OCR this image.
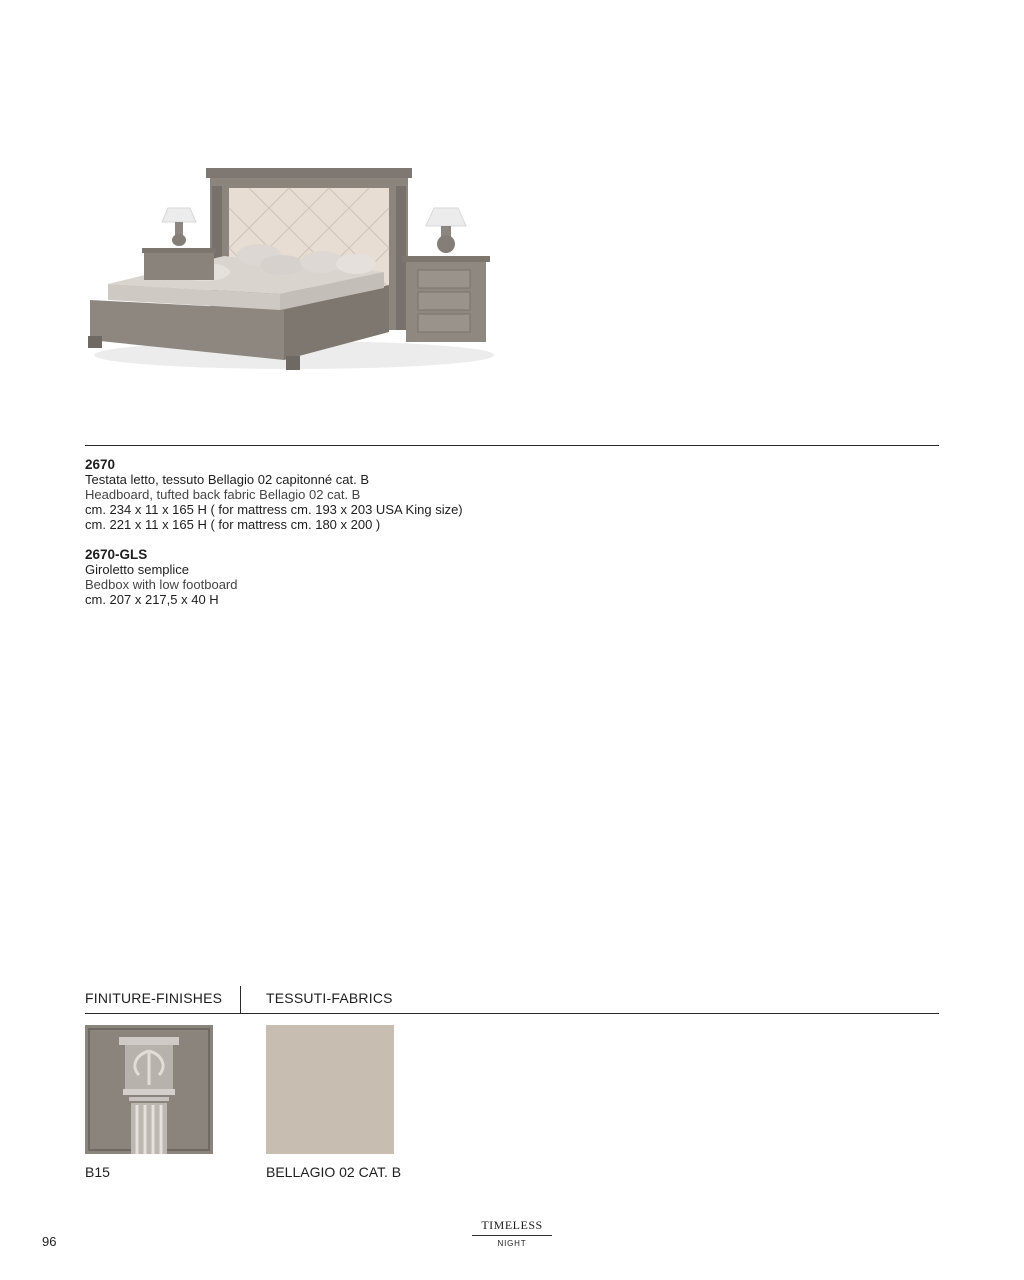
2670
Testata letto, tessuto Bellagio 02 capitonné cat. B
Headboard, tufted back fabric Bellagio 02 cat. B
cm. 234 x 11 x 165 H ( for mattress cm. 193 x 203 USA King size)
cm. 221 x 11 x 165 H ( for mattress cm. 180 x 200 )
2670-GLS
Giroletto semplice
Bedbox with low footboard
cm. 207 x 217,5 x 40 H
FINITURE-FINISHES	TESSUTI-FABRICS
B15	BELLAGIO 02 CAT. B
96
TIMELESS
NIGHT
